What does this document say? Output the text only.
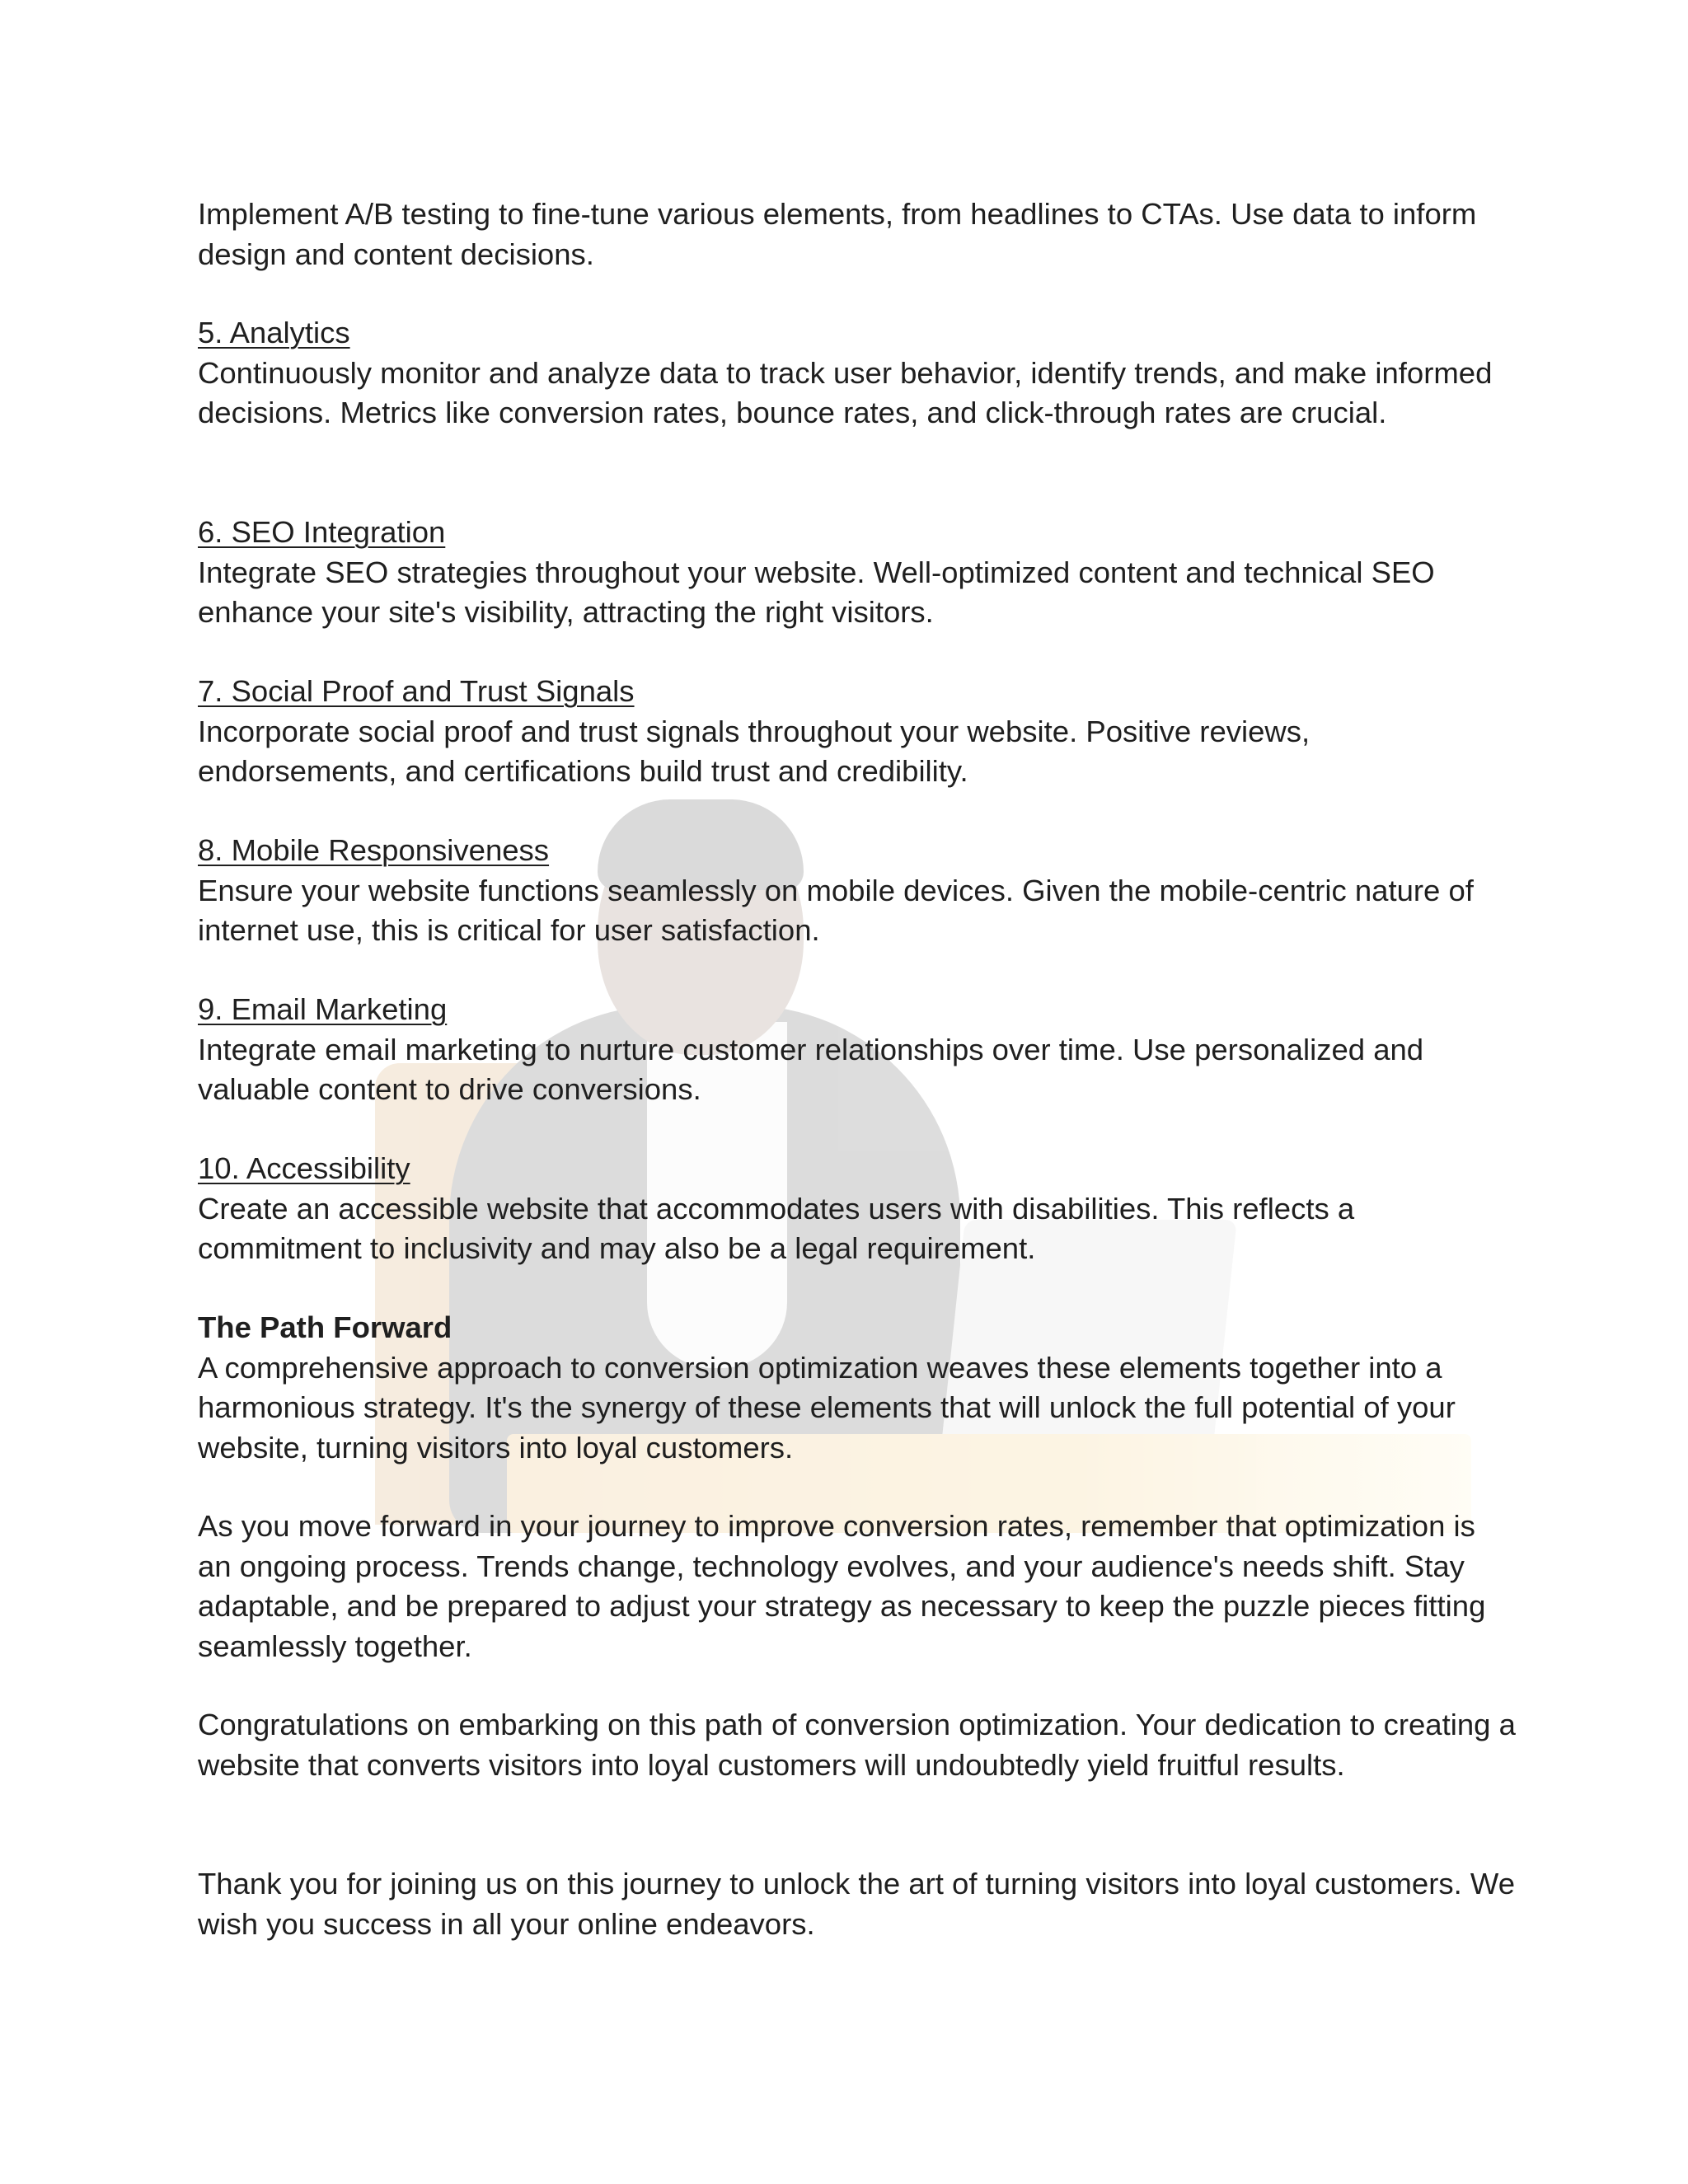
Implement A/B testing to fine-tune various elements, from headlines to CTAs. Use data to inform design and content decisions.

5. Analytics
Continuously monitor and analyze data to track user behavior, identify trends, and make informed decisions. Metrics like conversion rates, bounce rates, and click-through rates are crucial.
6. SEO Integration
Integrate SEO strategies throughout your website. Well-optimized content and technical SEO enhance your site's visibility, attracting the right visitors.
7. Social Proof and Trust Signals
Incorporate social proof and trust signals throughout your website. Positive reviews, endorsements, and certifications build trust and credibility.
8. Mobile Responsiveness
Ensure your website functions seamlessly on mobile devices. Given the mobile-centric nature of internet use, this is critical for user satisfaction.
9. Email Marketing
Integrate email marketing to nurture customer relationships over time. Use personalized and valuable content to drive conversions.
10. Accessibility
Create an accessible website that accommodates users with disabilities. This reflects a commitment to inclusivity and may also be a legal requirement.
The Path Forward
A comprehensive approach to conversion optimization weaves these elements together into a harmonious strategy. It's the synergy of these elements that will unlock the full potential of your website, turning visitors into loyal customers.

As you move forward in your journey to improve conversion rates, remember that optimization is an ongoing process. Trends change, technology evolves, and your audience's needs shift. Stay adaptable, and be prepared to adjust your strategy as necessary to keep the puzzle pieces fitting seamlessly together.

Congratulations on embarking on this path of conversion optimization. Your dedication to creating a website that converts visitors into loyal customers will undoubtedly yield fruitful results.

Thank you for joining us on this journey to unlock the art of turning visitors into loyal customers. We wish you success in all your online endeavors.
